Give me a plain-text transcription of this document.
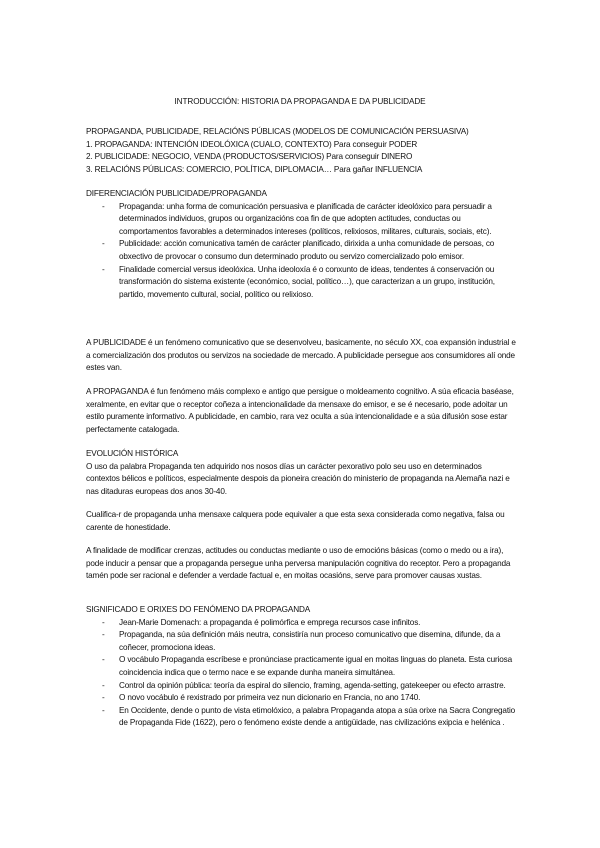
INTRODUCCIÓN: HISTORIA DA PROPAGANDA E DA PUBLICIDADE

PROPAGANDA, PUBLICIDADE, RELACIÓNS PÚBLICAS (MODELOS DE COMUNICACIÓN PERSUASIVA)

1. PROPAGANDA: INTENCIÓN IDEOLÓXICA (CUALO, CONTEXTO) Para conseguir PODER

2. PUBLICIDADE: NEGOCIO, VENDA (PRODUCTOS/SERVICIOS) Para conseguir DINERO

3. RELACIÓNS PÚBLICAS: COMERCIO, POLÍTICA, DIPLOMACIA… Para gañar INFLUENCIA

DIFERENCIACIÓN PUBLICIDADE/PROPAGANDA

- Propaganda: unha forma de comunicación persuasiva e planificada de carácter ideolóxico para persuadir a determinados individuos, grupos ou organizacións coa fin de que adopten actitudes, conductas ou comportamentos favorables a determinados intereses (políticos, relixiosos, militares, culturais, sociais, etc).
- Publicidade: acción comunicativa tamén de carácter planificado, dirixida a unha comunidade de persoas, co obxectivo de provocar o consumo dun determinado produto ou servizo comercializado polo emisor.
- Finalidade comercial versus ideolóxica. Unha ideoloxía é o conxunto de ideas, tendentes á conservación ou transformación do sistema existente (económico, social, político…), que caracterizan a un grupo, institución, partido, movemento cultural, social, político ou relixioso.

A PUBLICIDADE é un fenómeno comunicativo que se desenvolveu, basicamente, no século XX, coa expansión industrial e a comercialización dos produtos ou servizos na sociedade de mercado. A publicidade persegue aos consumidores alí onde estes van.

A PROPAGANDA é fun fenómeno máis complexo e antigo que persigue o moldeamento cognitivo. A súa eficacia baséase, xeralmente, en evitar que o receptor coñeza a intencionalidade da mensaxe do emisor, e se é necesario, pode adoitar un estilo puramente informativo. A publicidade, en cambio, rara vez oculta a súa intencionalidade e a súa difusión sose estar perfectamente catalogada.

EVOLUCIÓN HISTÓRICA

O uso da palabra Propaganda ten adquirido nos nosos días un carácter pexorativo polo seu uso en determinados contextos bélicos e políticos, especialmente despois da pioneira creación do ministerio de propaganda na Alemaña nazi e nas ditaduras europeas dos anos 30-40.

Cualifica-r de propaganda unha mensaxe calquera pode equivaler a que esta sexa considerada como negativa, falsa ou carente de honestidade.

A finalidade de modificar crenzas, actitudes ou conductas mediante o uso de emocións básicas (como o medo ou a ira), pode inducir a pensar que a propaganda persegue unha perversa manipulación cognitiva do receptor. Pero a propaganda tamén pode ser racional e defender a verdade factual e, en moitas ocasións, serve para promover causas xustas.

SIGNIFICADO E ORIXES DO FENÓMENO DA PROPAGANDA

- Jean-Marie Domenach: a propaganda é polimórfica e emprega recursos case infinitos.
- Propaganda, na súa definición máis neutra, consistiría nun proceso comunicativo que disemina, difunde, da a coñecer, promociona ideas.
- O vocábulo Propaganda escríbese e pronúnciase practicamente igual en moitas linguas do planeta. Esta curiosa coincidencia indica que o termo nace e se expande dunha maneira simultánea.
- Control da opinión pública: teoría da espiral do silencio, framing, agenda-setting, gatekeeper ou efecto arrastre.
- O novo vocábulo é rexistrado por primeira vez nun dicionario en Francia, no ano 1740.
- En Occidente, dende o punto de vista etimolóxico, a palabra Propaganda atopa a súa orixe na Sacra Congregatio de Propaganda Fide (1622), pero o fenómeno existe dende a antigüidade, nas civilizacións exipcia e helénica .
